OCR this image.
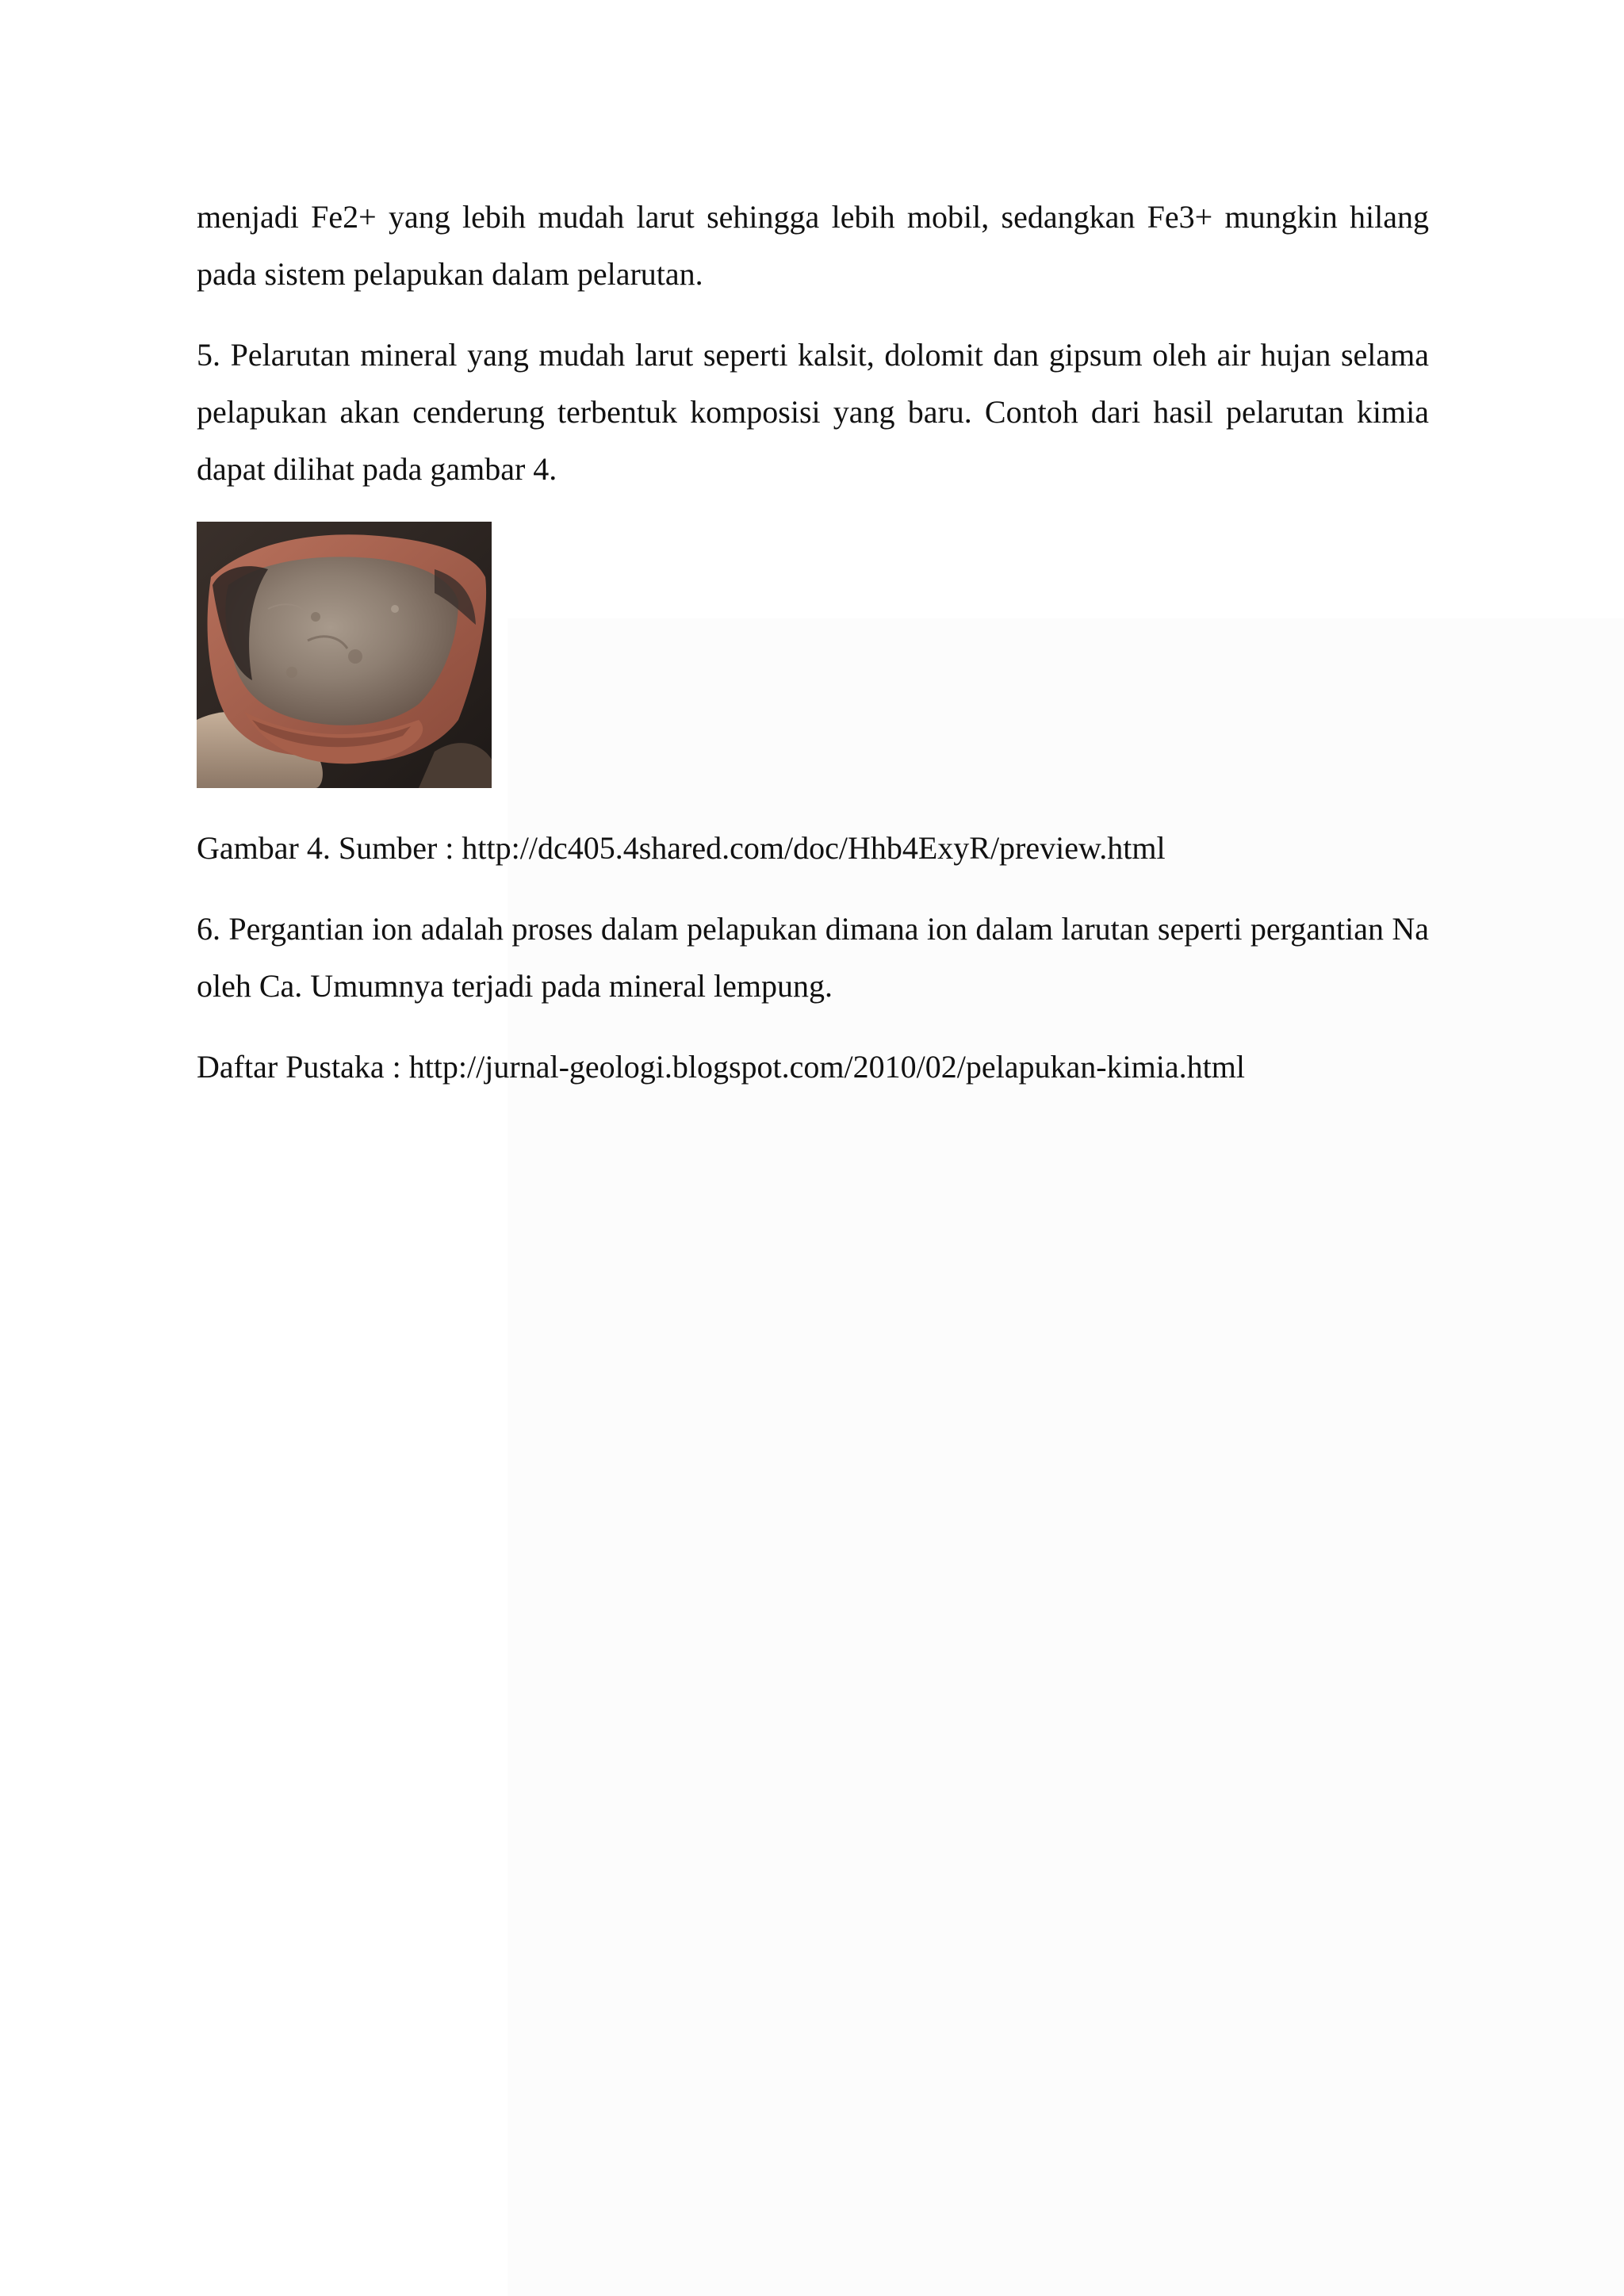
menjadi Fe2+ yang lebih mudah larut sehingga lebih mobil, sedangkan Fe3+ mungkin hilang pada sistem pelapukan dalam pelarutan.

5. Pelarutan mineral yang mudah larut seperti kalsit, dolomit dan gipsum oleh air hujan selama pelapukan akan cenderung terbentuk komposisi yang baru. Contoh dari hasil pelarutan kimia dapat dilihat pada gambar 4.

Gambar 4. Sumber : http://dc405.4shared.com/doc/Hhb4ExyR/preview.html

6. Pergantian ion adalah proses dalam pelapukan dimana ion dalam larutan seperti pergantian Na oleh Ca. Umumnya terjadi pada mineral lempung.

Daftar Pustaka : http://jurnal-geologi.blogspot.com/2010/02/pelapukan-kimia.html
